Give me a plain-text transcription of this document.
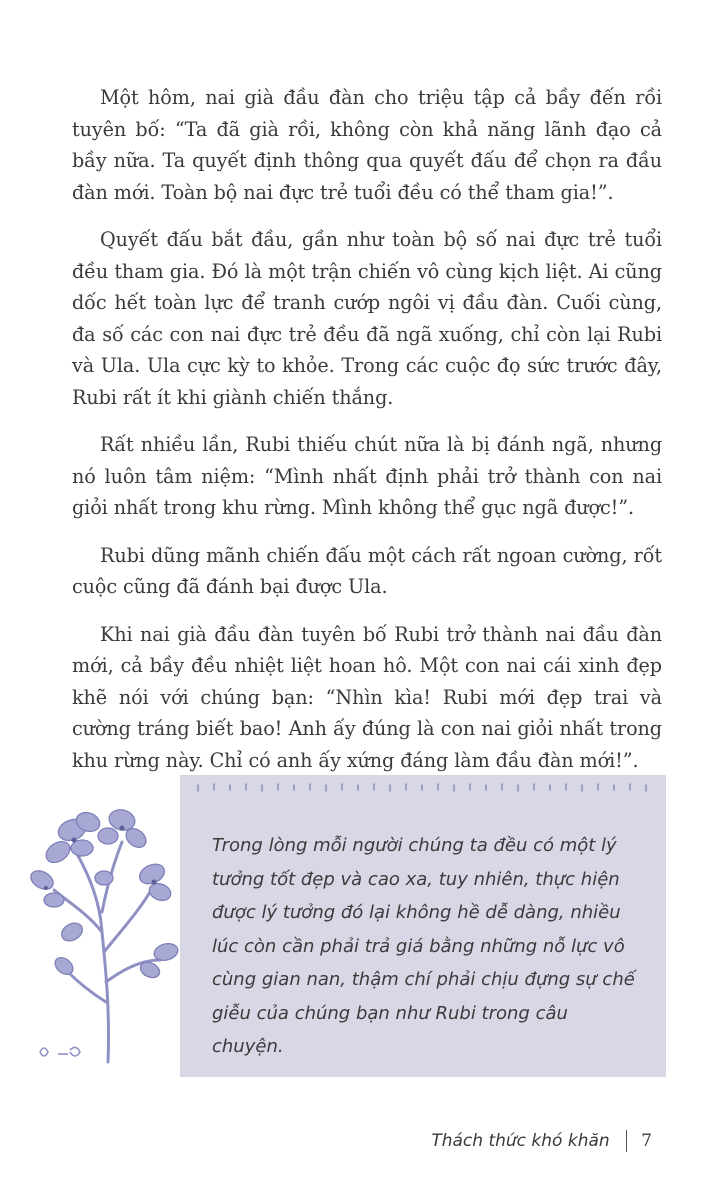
Một hôm, nai già đầu đàn cho triệu tập cả bầy đến rồi tuyên bố: “Ta đã già rồi, không còn khả năng lãnh đạo cả bầy nữa. Ta quyết định thông qua quyết đấu để chọn ra đầu đàn mới. Toàn bộ nai đực trẻ tuổi đều có thể tham gia!”.

Quyết đấu bắt đầu, gần như toàn bộ số nai đực trẻ tuổi đều tham gia. Đó là một trận chiến vô cùng kịch liệt. Ai cũng dốc hết toàn lực để tranh cướp ngôi vị đầu đàn. Cuối cùng, đa số các con nai đực trẻ đều đã ngã xuống, chỉ còn lại Rubi và Ula. Ula cực kỳ to khỏe. Trong các cuộc đọ sức trước đây, Rubi rất ít khi giành chiến thắng.

Rất nhiều lần, Rubi thiếu chút nữa là bị đánh ngã, nhưng nó luôn tâm niệm: “Mình nhất định phải trở thành con nai giỏi nhất trong khu rừng. Mình không thể gục ngã được!”.

Rubi dũng mãnh chiến đấu một cách rất ngoan cường, rốt cuộc cũng đã đánh bại được Ula.

Khi nai già đầu đàn tuyên bố Rubi trở thành nai đầu đàn mới, cả bầy đều nhiệt liệt hoan hô. Một con nai cái xinh đẹp khẽ nói với chúng bạn: “Nhìn kìa! Rubi mới đẹp trai và cường tráng biết bao! Anh ấy đúng là con nai giỏi nhất trong khu rừng này. Chỉ có anh ấy xứng đáng làm đầu đàn mới!”.

Trong lòng mỗi người chúng ta đều có một lý tưởng tốt đẹp và cao xa, tuy nhiên, thực hiện được lý tưởng đó lại không hề dễ dàng, nhiều lúc còn cần phải trả giá bằng những nỗ lực vô cùng gian nan, thậm chí phải chịu đựng sự chế giễu của chúng bạn như Rubi trong câu chuyện.

Thách thức khó khăn 7
